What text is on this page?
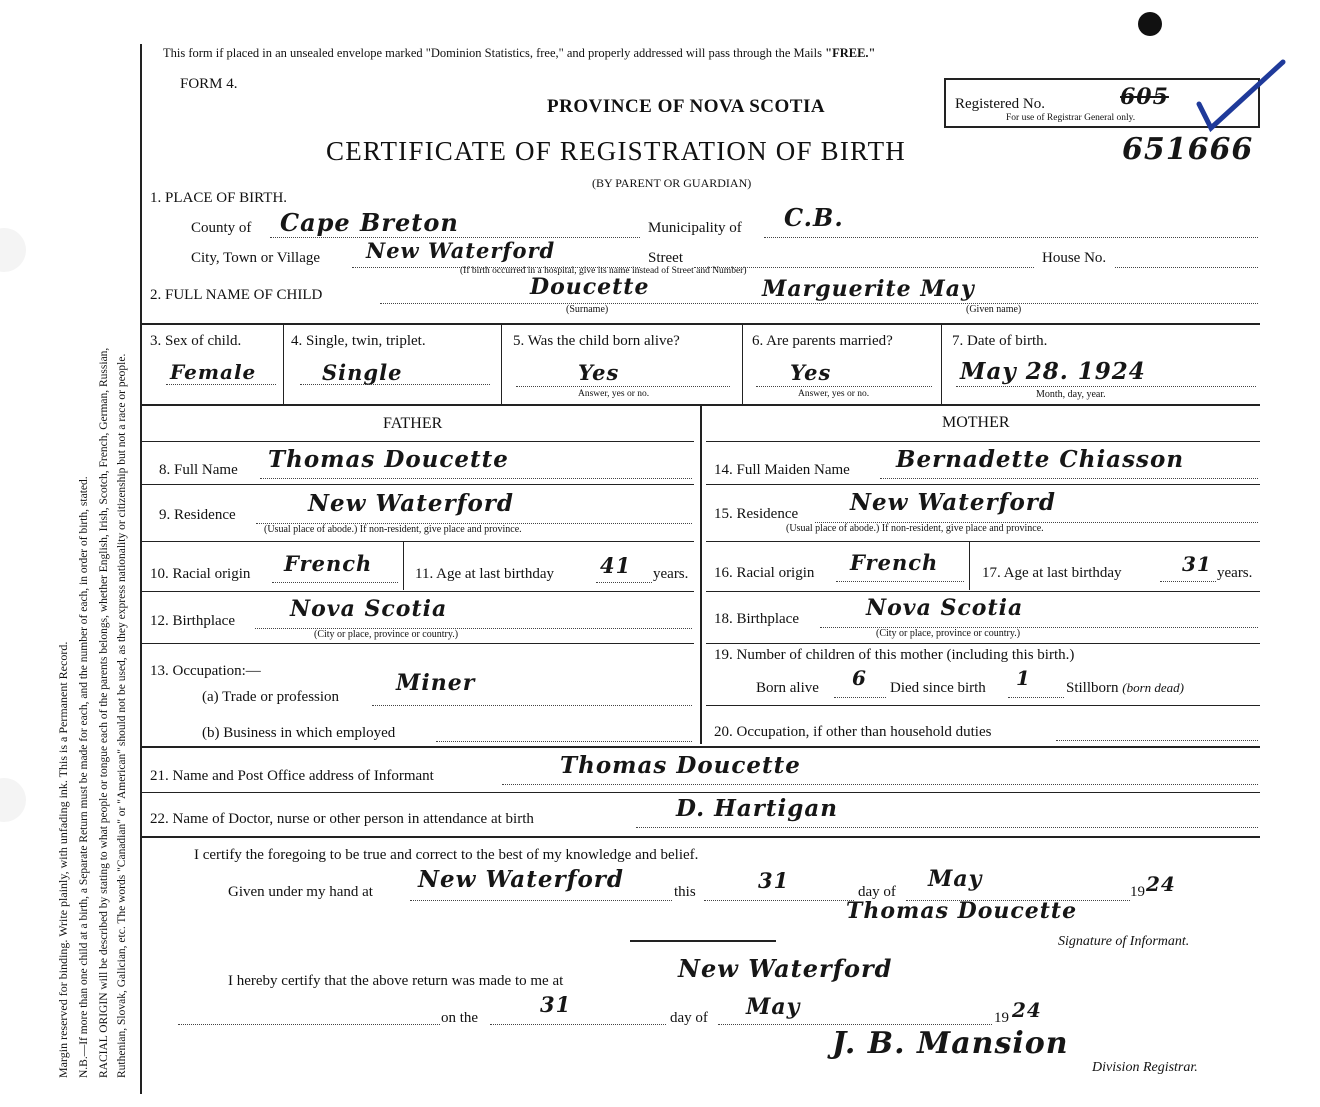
Margin reserved for binding. Write plainly, with unfading ink. This is a Permanent Record. N.B.—If more than one child at a birth, a Separate Return must be made for each, and the number of each, in order of birth, stated. RACIAL ORIGIN will be described by stating to what people or tongue each of the parents belongs, whether English, Irish, Scotch, French, German, Russian, Ruthenian, Slovak, Galician, etc. The words "Canadian" or "American" should not be used, as they express nationality or citizenship but not a race or people.
This form if placed in an unsealed envelope marked "Dominion Statistics, free," and properly addressed will pass through the Mails "FREE."
FORM 4.
PROVINCE OF NOVA SCOTIA
CERTIFICATE OF REGISTRATION OF BIRTH
(BY PARENT OR GUARDIAN)
Registered No.	605
For use of Registrar General only.
651666
1. PLACE OF BIRTH.
County of Cape Breton	Municipality of C.B.
City, Town or Village New Waterford	Street	House No.
(If birth occurred in a hospital, give its name instead of Street and Number)
2. FULL NAME OF CHILD	Doucette	Marguerite May
(Surname)	(Given name)
3. Sex of child.
Female
4. Single, twin, triplet.
Single
5. Was the child born alive?
Yes
Answer, yes or no.
6. Are parents married?
Yes
Answer, yes or no.
7. Date of birth.
May 28. 1924
Month, day, year.
FATHER	MOTHER
8. Full Name Thomas Doucette
9. Residence	New Waterford
(Usual place of abode.) If non-resident, give place and province.
10. Racial origin French	11. Age at last birthday 41 years.
12. Birthplace	Nova Scotia
(City or place, province or country.)
13. Occupation:—
(a) Trade or profession
Miner
(b) Business in which employed
14. Full Maiden Name Bernadette Chiasson
15. Residence New Waterford
(Usual place of abode.) If non-resident, give place and province.
16. Racial origin French	17. Age at last birthday	31 years.
18. Birthplace	Nova Scotia
(City or place, province or country.)
19. Number of children of this mother (including this birth.)
Born alive 6 Died since birth 1 Stillborn (born dead)
20. Occupation, if other than household duties
21. Name and Post Office address of Informant	Thomas Doucette
22. Name of Doctor, nurse or other person in attendance at birth	D. Hartigan
I certify the foregoing to be true and correct to the best of my knowledge and belief.
Given under my hand at New Waterford	this	31	day of May	19 24
Thomas Doucette
Signature of Informant.
I hereby certify that the above return was made to me at	New Waterford
on the
31
day of May	19 24
J. B. Mansion
Division Registrar.
